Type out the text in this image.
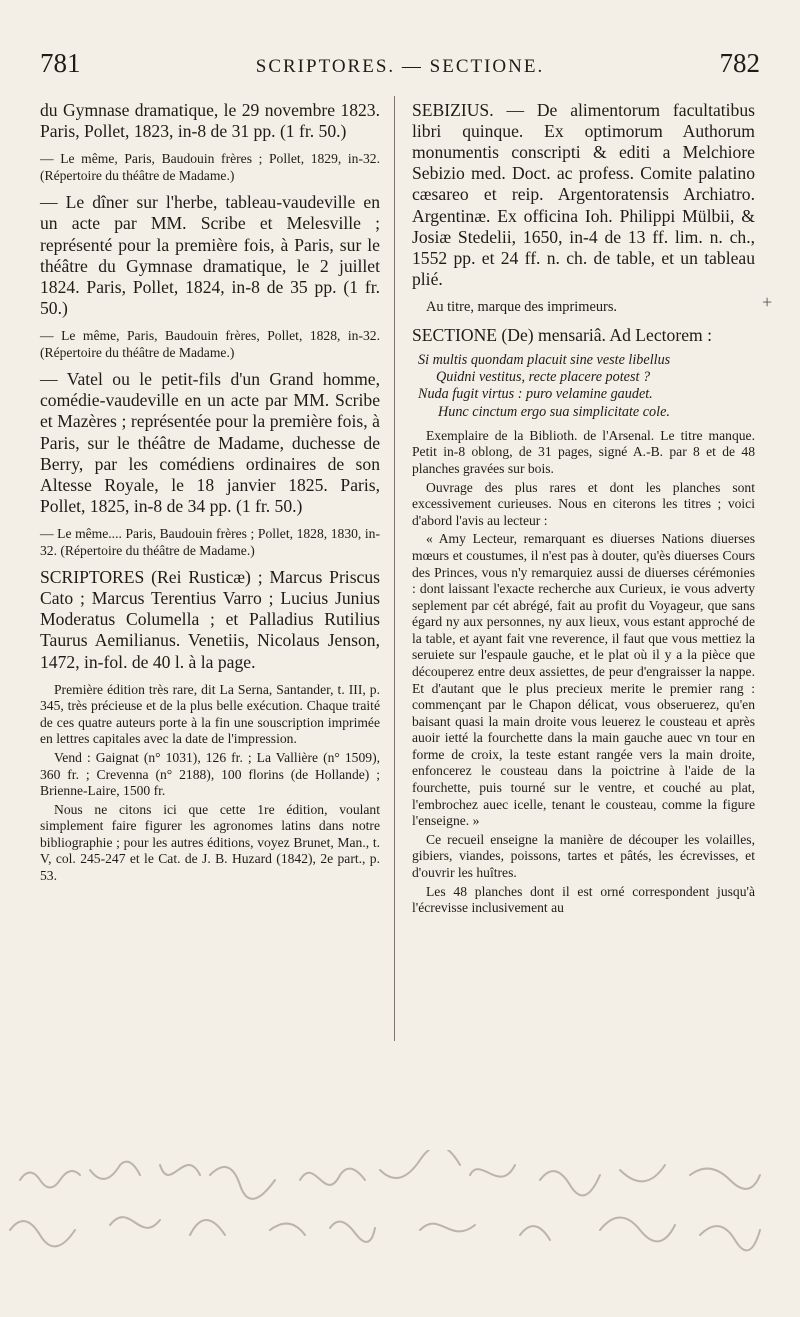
781	SCRIPTORES. — SECTIONE.	782

du Gymnase dramatique, le 29 novembre 1823. Paris, Pollet, 1823, in-8 de 31 pp. (1 fr. 50.)

— Le même, Paris, Baudouin frères ; Pollet, 1829, in-32. (Répertoire du théâtre de Madame.)

— Le dîner sur l'herbe, tableau-vaudeville en un acte par MM. Scribe et Melesville ; représenté pour la première fois, à Paris, sur le théâtre du Gymnase dramatique, le 2 juillet 1824. Paris, Pollet, 1824, in-8 de 35 pp. (1 fr. 50.)

— Le même, Paris, Baudouin frères, Pollet, 1828, in-32. (Répertoire du théâtre de Madame.)

— Vatel ou le petit-fils d'un Grand homme, comédie-vaudeville en un acte par MM. Scribe et Mazères ; représentée pour la première fois, à Paris, sur le théâtre de Madame, duchesse de Berry, par les comédiens ordinaires de son Altesse Royale, le 18 janvier 1825. Paris, Pollet, 1825, in-8 de 34 pp. (1 fr. 50.)

— Le même.... Paris, Baudouin frères ; Pollet, 1828, 1830, in-32. (Répertoire du théâtre de Madame.)

SCRIPTORES (Rei Rusticæ) ; Marcus Priscus Cato ; Marcus Terentius Varro ; Lucius Junius Moderatus Columella ; et Palladius Rutilius Taurus Aemilianus. Venetiis, Nicolaus Jenson, 1472, in-fol. de 40 l. à la page.

Première édition très rare, dit La Serna, Santander, t. III, p. 345, très précieuse et de la plus belle exécution. Chaque traité de ces quatre auteurs porte à la fin une souscription imprimée en lettres capitales avec la date de l'impression.

Vend : Gaignat (n° 1031), 126 fr. ; La Vallière (n° 1509), 360 fr. ; Crevenna (n° 2188), 100 florins (de Hollande) ; Brienne-Laire, 1500 fr.

Nous ne citons ici que cette 1re édition, voulant simplement faire figurer les agronomes latins dans notre bibliographie ; pour les autres éditions, voyez Brunet, Man., t. V, col. 245-247 et le Cat. de J. B. Huzard (1842), 2e part., p. 53.

SEBIZIUS. — De alimentorum facultatibus libri quinque. Ex optimorum Authorum monumentis conscripti & editi a Melchiore Sebizio med. Doct. ac profess. Comite palatino cæsareo et reip. Argentoratensis Archiatro. Argentinæ. Ex officina Ioh. Philippi Mülbii, & Josiæ Stedelii, 1650, in-4 de 13 ff. lim. n. ch., 1552 pp. et 24 ff. n. ch. de table, et un tableau plié.

Au titre, marque des imprimeurs.

SECTIONE (De) mensariâ. Ad Lectorem :

Si multis quondam placuit sine veste libellus
Quidni vestitus, recte placere potest ?
Nuda fugit virtus : puro velamine gaudet.
Hunc cinctum ergo sua simplicitate cole.

Exemplaire de la Biblioth. de l'Arsenal. Le titre manque. Petit in-8 oblong, de 31 pages, signé A.-B. par 8 et de 48 planches gravées sur bois.

Ouvrage des plus rares et dont les planches sont excessivement curieuses. Nous en citerons les titres ; voici d'abord l'avis au lecteur :

« Amy Lecteur, remarquant es diuerses Nations diuerses mœurs et coustumes, il n'est pas à douter, qu'ès diuerses Cours des Princes, vous n'y remarquiez aussi de diuerses cérémonies : dont laissant l'exacte recherche aux Curieux, ie vous adverty seplement par cét abrégé, fait au profit du Voyageur, que sans égard ny aux personnes, ny aux lieux, vous estant approché de la table, et ayant fait vne reverence, il faut que vous mettiez la seruiete sur l'espaule gauche, et le plat où il y a la pièce que découperez entre deux assiettes, de peur d'engraisser la nappe. Et d'autant que le plus precieux merite le premier rang : commençant par le Chapon délicat, vous obseruerez, qu'en baisant quasi la main droite vous leuerez le cousteau et après auoir ietté la fourchette dans la main gauche auec vn tour en forme de croix, la teste estant rangée vers la main droite, enfoncerez le cousteau dans la poictrine à l'aide de la fourchette, puis tourné sur le ventre, et couché au plat, l'embrochez auec icelle, tenant le cousteau, comme la figure l'enseigne. »

Ce recueil enseigne la manière de découper les volailles, gibiers, viandes, poissons, tartes et pâtés, les écrevisses, et d'ouvrir les huîtres.

Les 48 planches dont il est orné correspondent jusqu'à l'écrevisse inclusivement au

+
